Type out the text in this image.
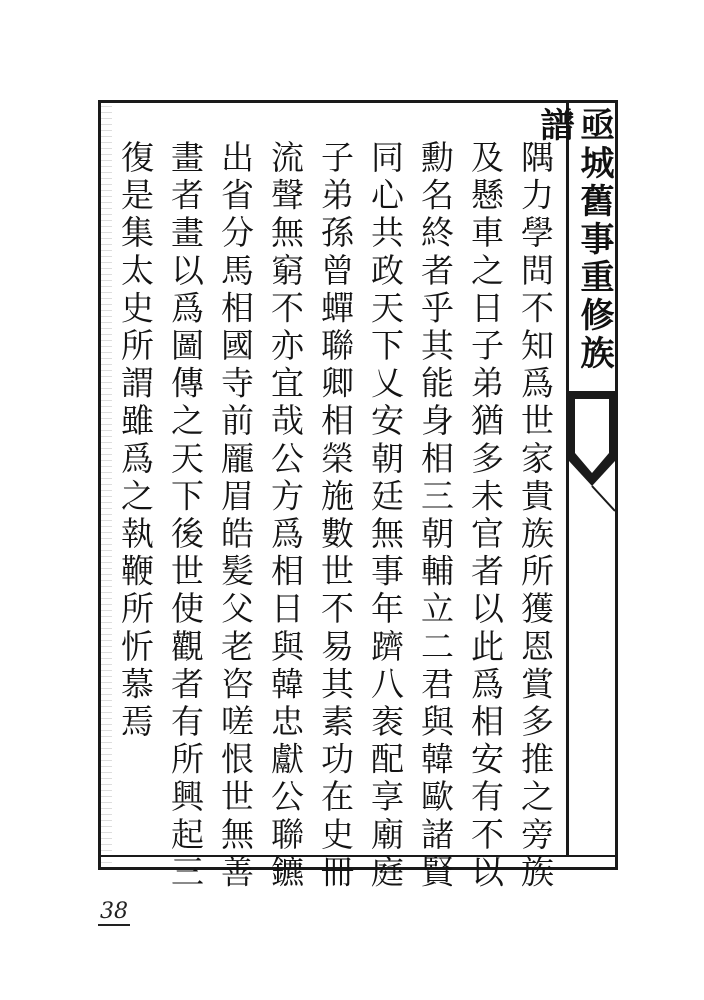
亟城舊事重修族譜
隅力學問不知爲世家貴族所獲恩賞多推之旁族
及懸車之日子弟猶多未官者以此爲相安有不以
勳名終者乎其能身相三朝輔立二君與韓歐諸賢
同心共政天下乂安朝廷無事年躋八袠配享廟庭
子弟孫曾蟬聯卿相榮施數世不易其素功在史冊
流聲無窮不亦宜哉公方爲相日與韓忠獻公聯鑣
出省分馬相國寺前龎眉皓髪父老咨嗟恨世無善
畫者畫以爲圖傳之天下後世使觀者有所興起三
復是集太史所謂雖爲之執鞭所忻慕焉
38
